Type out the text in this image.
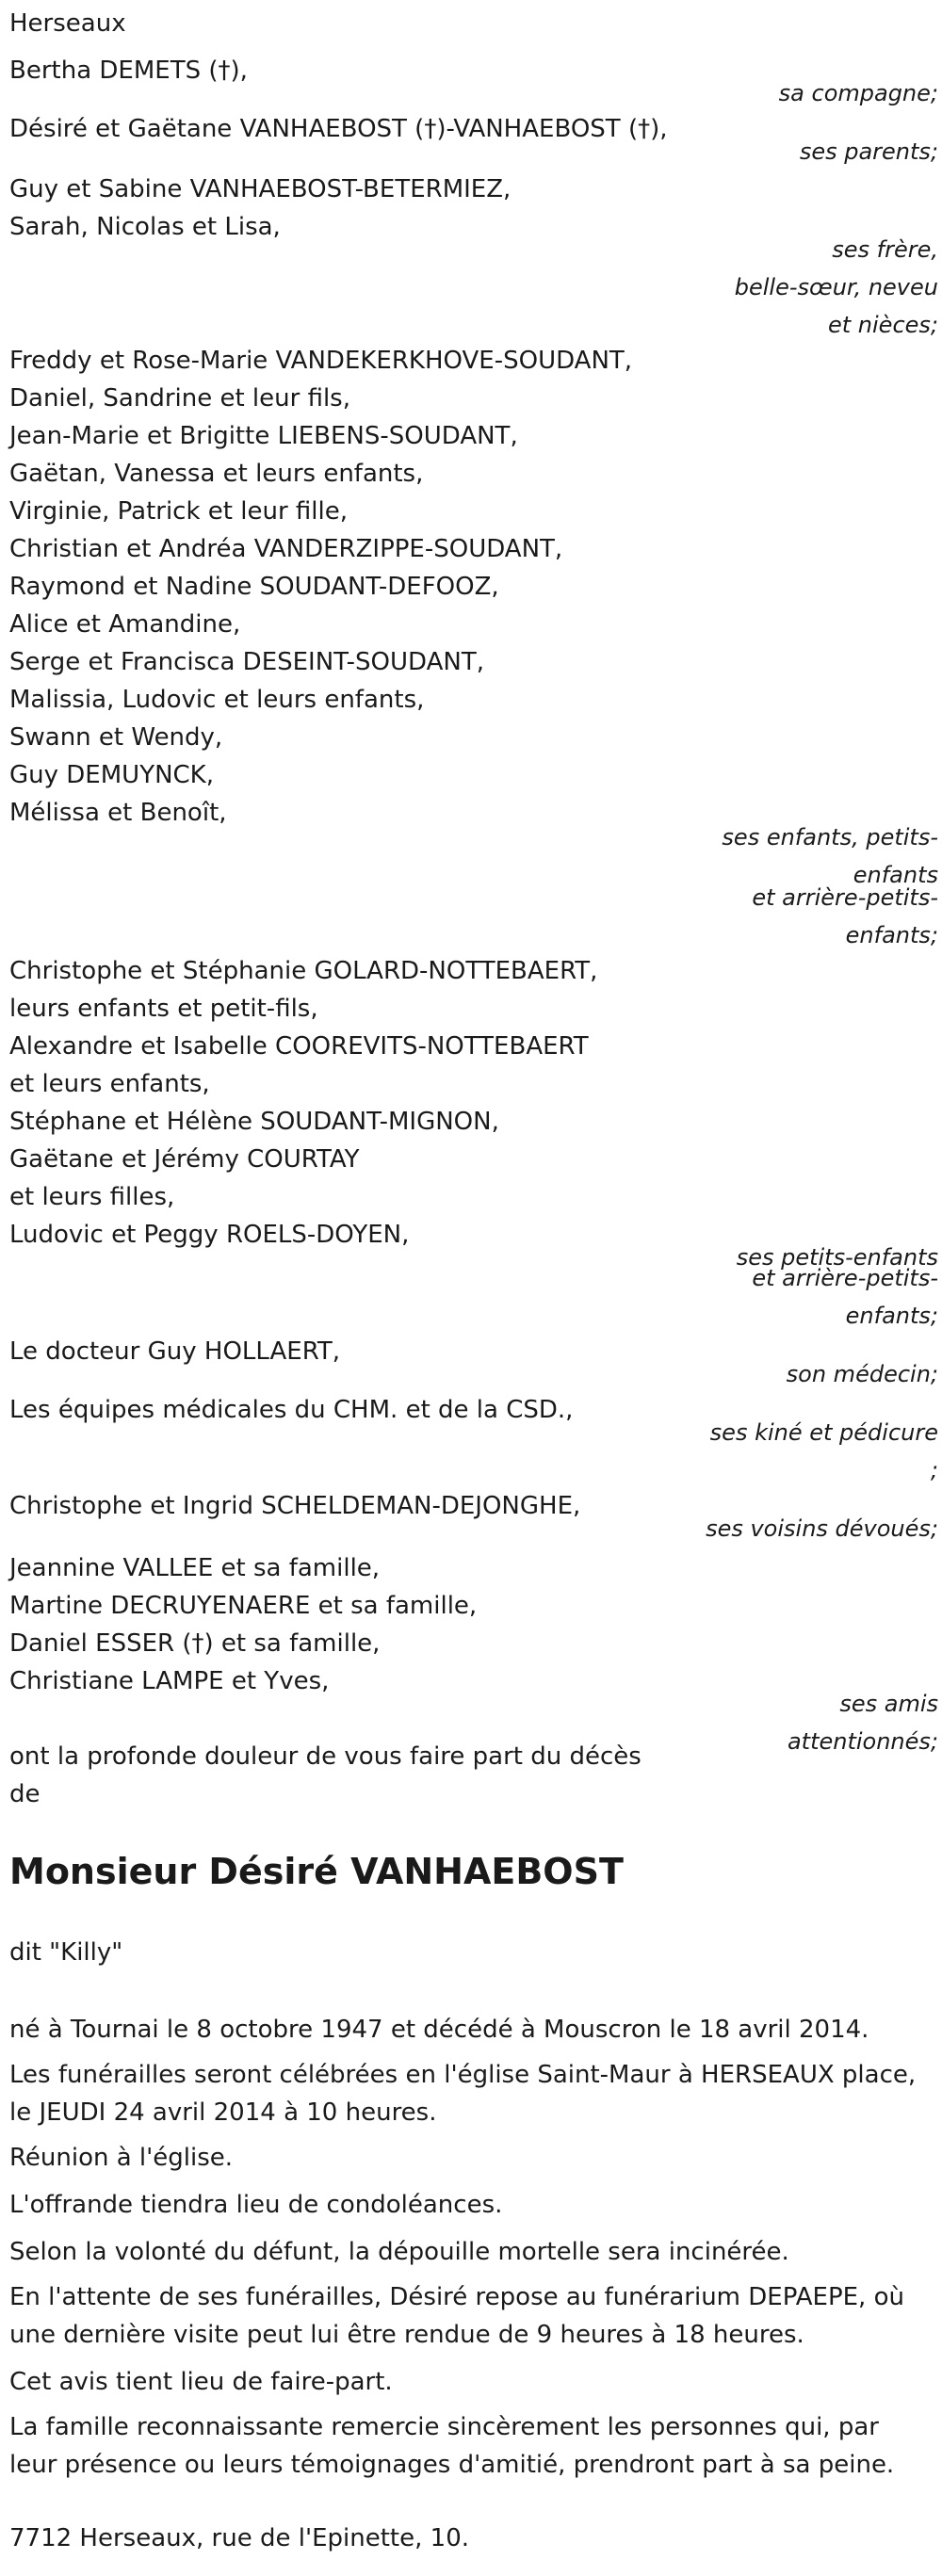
Herseaux
Bertha DEMETS (†),
Désiré et Gaëtane VANHAEBOST (†)-VANHAEBOST (†),
Guy et Sabine VANHAEBOST-BETERMIEZ,
Sarah, Nicolas et Lisa,
Freddy et Rose-Marie VANDEKERKHOVE-SOUDANT,
Daniel, Sandrine et leur fils,
Jean-Marie et Brigitte LIEBENS-SOUDANT,
Gaëtan, Vanessa et leurs enfants,
Virginie, Patrick et leur fille,
Christian et Andréa VANDERZIPPE-SOUDANT,
Raymond et Nadine SOUDANT-DEFOOZ,
Alice et Amandine,
Serge et Francisca DESEINT-SOUDANT,
Malissia, Ludovic et leurs enfants,
Swann et Wendy,
Guy DEMUYNCK,
Mélissa et Benoît,
Christophe et Stéphanie GOLARD-NOTTEBAERT,
leurs enfants et petit-fils,
Alexandre et Isabelle COOREVITS-NOTTEBAERT
et leurs enfants,
Stéphane et Hélène SOUDANT-MIGNON,
Gaëtane et Jérémy COURTAY
et leurs filles,
Ludovic et Peggy ROELS-DOYEN,
Le docteur Guy HOLLAERT,
Les équipes médicales du CHM. et de la CSD.,
Christophe et Ingrid SCHELDEMAN-DEJONGHE,
Jeannine VALLEE et sa famille,
Martine DECRUYENAERE et sa famille,
Daniel ESSER (†) et sa famille,
Christiane LAMPE et Yves,
ont la profonde douleur de vous faire part du décès
de
Monsieur Désiré VANHAEBOST
dit "Killy"
né à Tournai le 8 octobre 1947 et décédé à Mouscron le 18 avril 2014.
Les funérailles seront célébrées en l'église Saint-Maur à HERSEAUX place,
le JEUDI 24 avril 2014 à 10 heures.
Réunion à l'église.
L'offrande tiendra lieu de condoléances.
Selon la volonté du défunt, la dépouille mortelle sera incinérée.
En l'attente de ses funérailles, Désiré repose au funérarium DEPAEPE, où
une dernière visite peut lui être rendue de 9 heures à 18 heures.
Cet avis tient lieu de faire-part.
La famille reconnaissante remercie sincèrement les personnes qui, par
leur présence ou leurs témoignages d'amitié, prendront part à sa peine.
7712 Herseaux, rue de l'Epinette, 10.
sa compagne;
ses parents;
ses frère,
belle-sœur, neveu
et nièces;
ses enfants, petits-
enfants
et arrière-petits-
enfants;
ses petits-enfants
et arrière-petits-
enfants;
son médecin;
ses kiné et pédicure
;
ses voisins dévoués;
ses amis
attentionnés;
